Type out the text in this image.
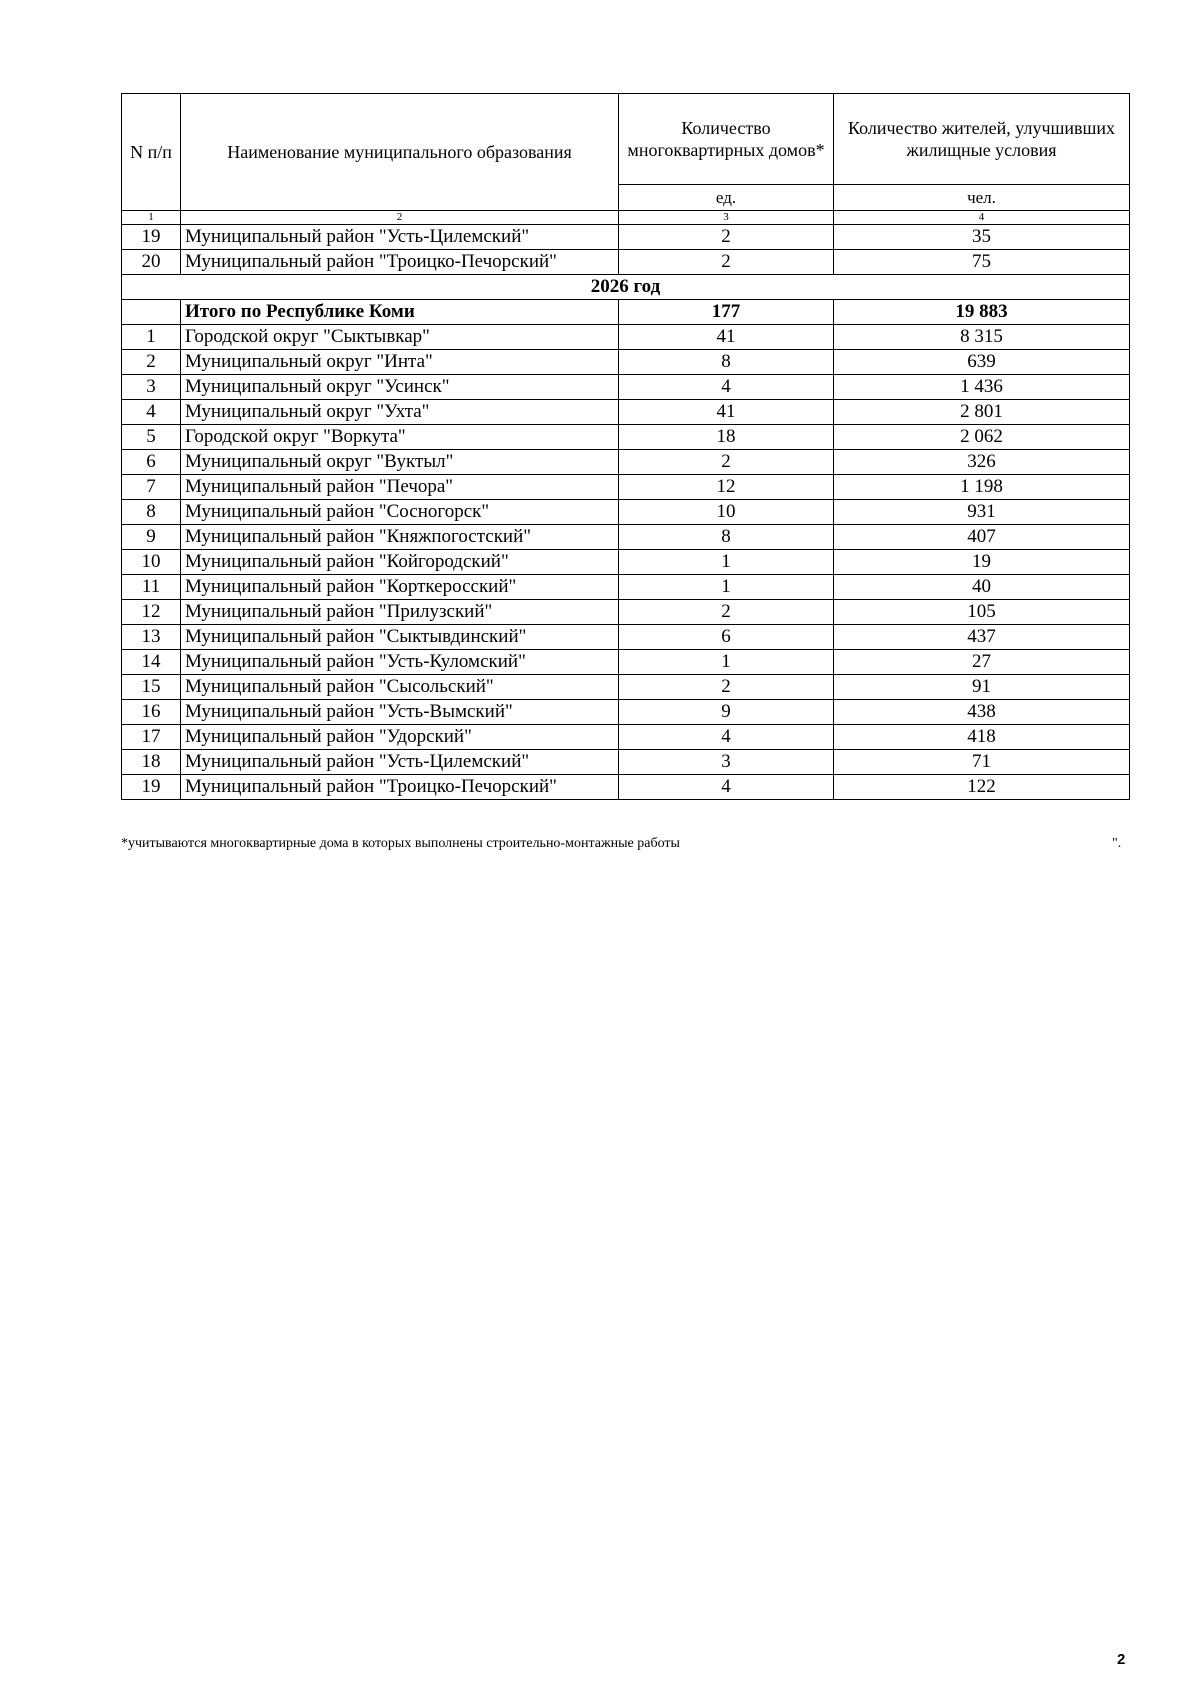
N п/п	Наименование муниципального образования	Количество многоквартирных домов*	Количество жителей, улучшивших жилищные условия
		ед.	чел.
1	2	3	4
19	Муниципальный район "Усть-Цилемский"	2	35
20	Муниципальный район "Троицко-Печорский"	2	75
2026 год			
	Итого по Республике Коми	177	19 883
1	Городской округ "Сыктывкар"	41	8 315
2	Муниципальный округ "Инта"	8	639
3	Муниципальный округ "Усинск"	4	1 436
4	Муниципальный округ "Ухта"	41	2 801
5	Городской округ "Воркута"	18	2 062
6	Муниципальный округ "Вуктыл"	2	326
7	Муниципальный район "Печора"	12	1 198
8	Муниципальный район "Сосногорск"	10	931
9	Муниципальный район "Княжпогостский"	8	407
10	Муниципальный район "Койгородский"	1	19
11	Муниципальный район "Корткеросский"	1	40
12	Муниципальный район "Прилузский"	2	105
13	Муниципальный район "Сыктывдинский"	6	437
14	Муниципальный район "Усть-Куломский"	1	27
15	Муниципальный район "Сысольский"	2	91
16	Муниципальный район "Усть-Вымский"	9	438
17	Муниципальный район "Удорский"	4	418
18	Муниципальный район "Усть-Цилемский"	3	71
19	Муниципальный район "Троицко-Печорский"	4	122
*учитываются многоквартирные дома в которых выполнены строительно-монтажные работы	".
2
